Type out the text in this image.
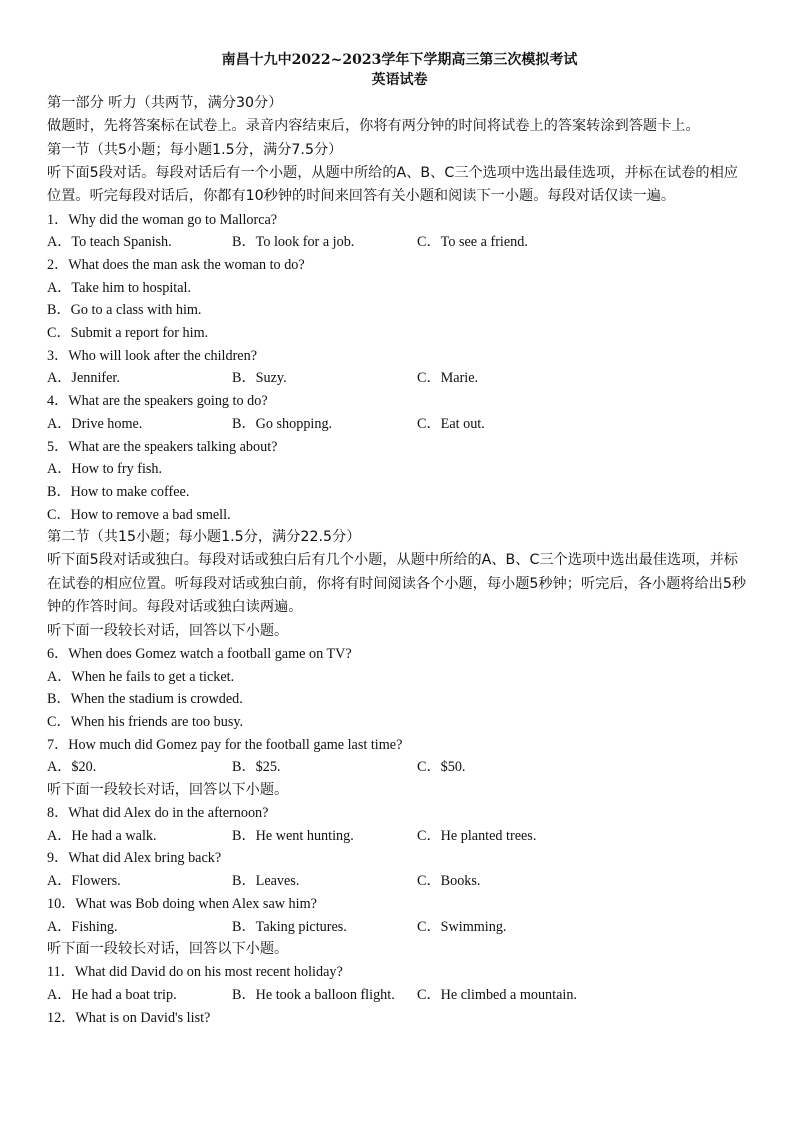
南昌十九中2022~2023学年下学期高三第三次模拟考试
英语试卷
第一部分 听力（共两节，满分30分）
做题时，先将答案标在试卷上。录音内容结束后，你将有两分钟的时间将试卷上的答案转涂到答题卡上。
第一节（共5小题；每小题1.5分，满分7.5分）
听下面5段对话。每段对话后有一个小题，从题中所给的A、B、C三个选项中选出最佳选项，并标在试卷的相应位置。听完每段对话后，你都有10秒钟的时间来回答有关小题和阅读下一小题。每段对话仅读一遍。
1．Why did the woman go to Mallorca?
A．To teach Spanish.	B．To look for a job.	C．To see a friend.
2．What does the man ask the woman to do?
A．Take him to hospital.
B．Go to a class with him.
C．Submit a report for him.
3．Who will look after the children?
A．Jennifer.	B．Suzy.	C．Marie.
4．What are the speakers going to do?
A．Drive home.	B．Go shopping.	C．Eat out.
5．What are the speakers talking about?
A．How to fry fish.
B．How to make coffee.
C．How to remove a bad smell.
第二节（共15小题；每小题1.5分，满分22.5分）
听下面5段对话或独白。每段对话或独白后有几个小题，从题中所给的A、B、C三个选项中选出最佳选项，并标在试卷的相应位置。听每段对话或独白前，你将有时间阅读各个小题，每小题5秒钟；听完后，各小题将给出5秒钟的作答时间。每段对话或独白读两遍。
听下面一段较长对话，回答以下小题。
6．When does Gomez watch a football game on TV?
A．When he fails to get a ticket.
B．When the stadium is crowded.
C．When his friends are too busy.
7．How much did Gomez pay for the football game last time?
A．$20.	B．$25.	C．$50.
听下面一段较长对话，回答以下小题。
8．What did Alex do in the afternoon?
A．He had a walk.	B．He went hunting.	C．He planted trees.
9．What did Alex bring back?
A．Flowers.	B．Leaves.	C．Books.
10．What was Bob doing when Alex saw him?
A．Fishing.	B．Taking pictures.	C．Swimming.
听下面一段较长对话，回答以下小题。
11．What did David do on his most recent holiday?
A．He had a boat trip.	B．He took a balloon flight.	C．He climbed a mountain.
12．What is on David's list?
